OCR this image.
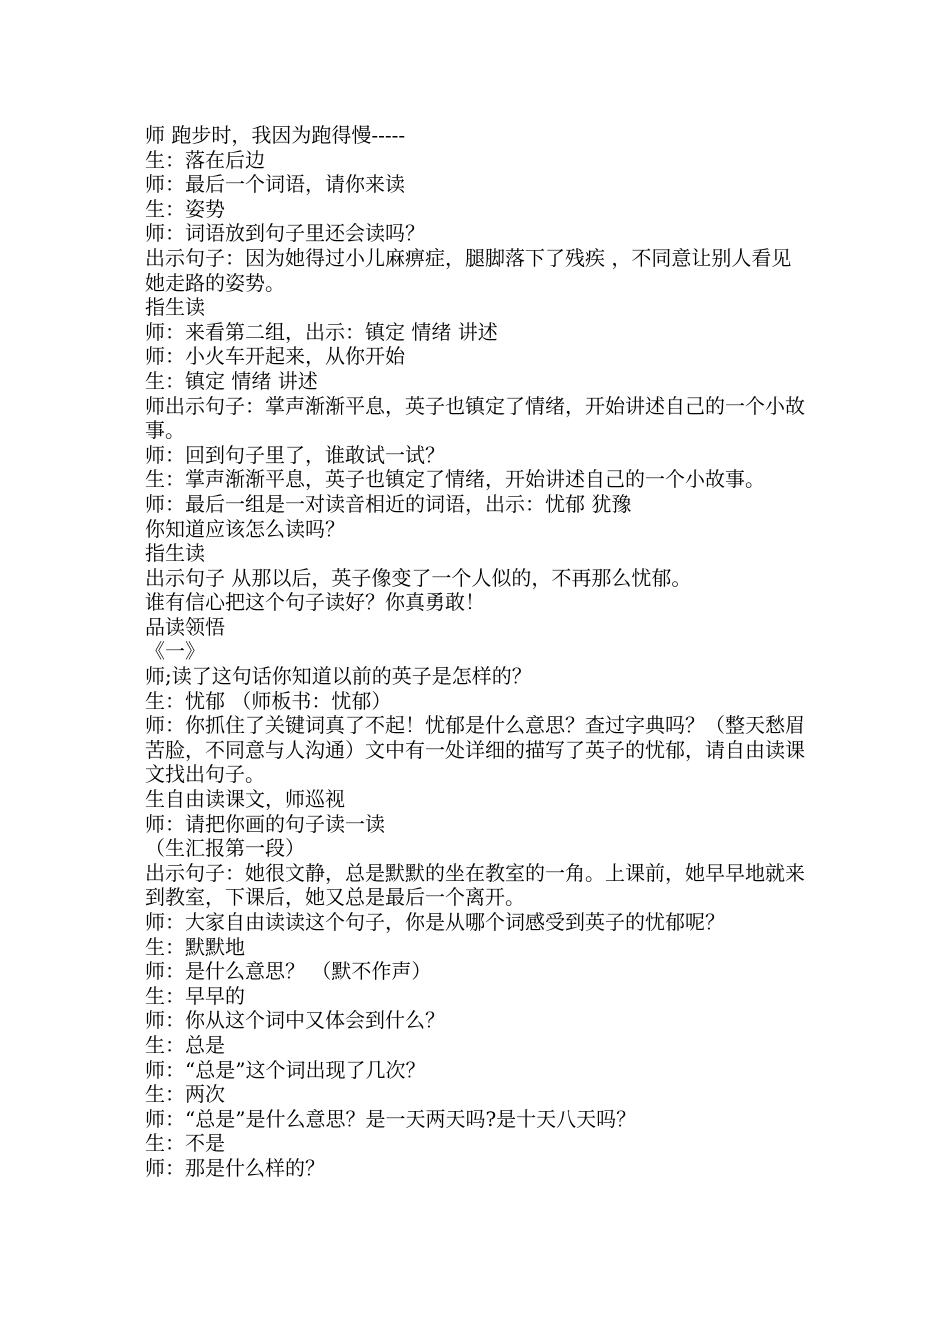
师 跑步时，我因为跑得慢-----

生：落在后边

师：最后一个词语，请你来读

生：姿势

师：词语放到句子里还会读吗？

出示句子：因为她得过小儿麻痹症，腿脚落下了残疾 ，不同意让别人看见她走路的姿势。

指生读

师：来看第二组，出示：镇定 情绪 讲述

师：小火车开起来，从你开始

生：镇定 情绪 讲述

师出示句子：掌声渐渐平息，英子也镇定了情绪，开始讲述自己的一个小故事。

师：回到句子里了，谁敢试一试？

生：掌声渐渐平息，英子也镇定了情绪，开始讲述自己的一个小故事。

师：最后一组是一对读音相近的词语，出示：忧郁 犹豫

你知道应该怎么读吗？

指生读

出示句子 从那以后，英子像变了一个人似的，不再那么忧郁。

谁有信心把这个句子读好？你真勇敢！

品读领悟

《一》

师;读了这句话你知道以前的英子是怎样的？

生：忧郁 （师板书：忧郁）

师：你抓住了关键词真了不起！忧郁是什么意思？查过字典吗？（整天愁眉苦脸，不同意与人沟通）文中有一处详细的描写了英子的忧郁，请自由读课文找出句子。

生自由读课文，师巡视

师：请把你画的句子读一读

（生汇报第一段）

出示句子：她很文静，总是默默的坐在教室的一角。上课前，她早早地就来到教室，下课后，她又总是最后一个离开。

师：大家自由读读这个句子，你是从哪个词感受到英子的忧郁呢？

生：默默地

师：是什么意思？ （默不作声）

生：早早的

师：你从这个词中又体会到什么？

生：总是

师：“总是”这个词出现了几次？

生：两次

师：“总是”是什么意思？是一天两天吗?是十天八天吗？

生：不是

师：那是什么样的？
